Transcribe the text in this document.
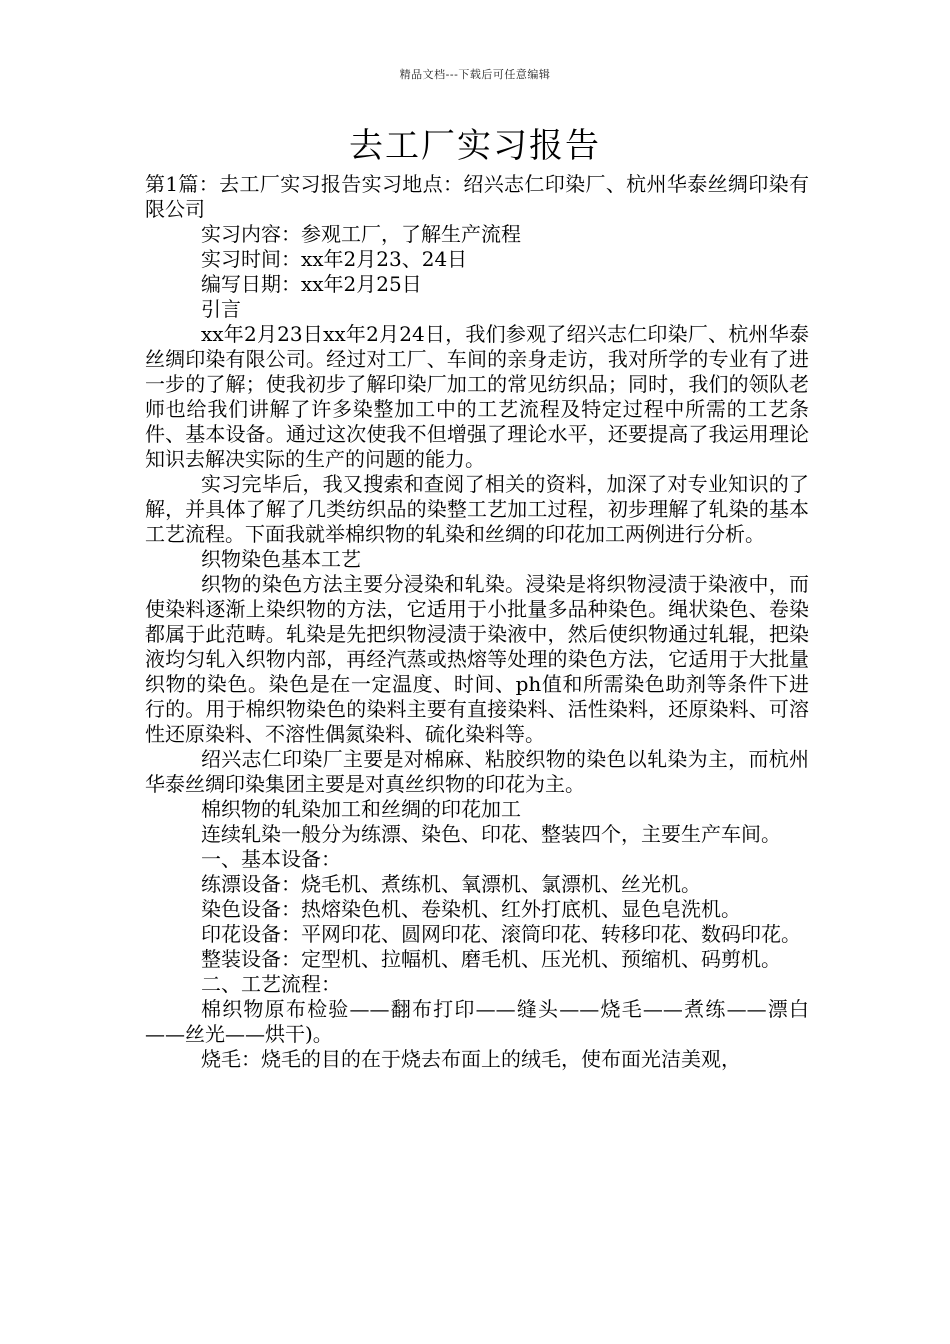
精品文档---下载后可任意编辑
去工厂实习报告

第1篇：去工厂实习报告实习地点：绍兴志仁印染厂、杭州华泰丝绸印染有限公司

实习内容：参观工厂，了解生产流程

实习时间：xx年2月23、24日

编写日期：xx年2月25日

引言

xx年2月23日xx年2月24日，我们参观了绍兴志仁印染厂、杭州华泰丝绸印染有限公司。经过对工厂、车间的亲身走访，我对所学的专业有了进一步的了解；使我初步了解印染厂加工的常见纺织品；同时，我们的领队老师也给我们讲解了许多染整加工中的工艺流程及特定过程中所需的工艺条件、基本设备。通过这次使我不但增强了理论水平，还要提高了我运用理论知识去解决实际的生产的问题的能力。

实习完毕后，我又搜索和查阅了相关的资料，加深了对专业知识的了解，并具体了解了几类纺织品的染整工艺加工过程，初步理解了轧染的基本工艺流程。下面我就举棉织物的轧染和丝绸的印花加工两例进行分析。

织物染色基本工艺

织物的染色方法主要分浸染和轧染。浸染是将织物浸渍于染液中，而使染料逐渐上染织物的方法，它适用于小批量多品种染色。绳状染色、卷染都属于此范畴。轧染是先把织物浸渍于染液中，然后使织物通过轧辊，把染液均匀轧入织物内部，再经汽蒸或热熔等处理的染色方法，它适用于大批量织物的染色。染色是在一定温度、时间、ph值和所需染色助剂等条件下进行的。用于棉织物染色的染料主要有直接染料、活性染料，还原染料、可溶性还原染料、不溶性偶氮染料、硫化染料等。

绍兴志仁印染厂主要是对棉麻、粘胶织物的染色以轧染为主，而杭州华泰丝绸印染集团主要是对真丝织物的印花为主。

棉织物的轧染加工和丝绸的印花加工

连续轧染一般分为练漂、染色、印花、整装四个，主要生产车间。

一、基本设备：

练漂设备：烧毛机、煮练机、氧漂机、氯漂机、丝光机。

染色设备：热熔染色机、卷染机、红外打底机、显色皂洗机。

印花设备：平网印花、圆网印花、滚筒印花、转移印花、数码印花。

整装设备：定型机、拉幅机、磨毛机、压光机、预缩机、码剪机。

二、工艺流程：

棉织物原布检验——翻布打印——缝头——烧毛——煮练——漂白——丝光——烘干)。

烧毛：烧毛的目的在于烧去布面上的绒毛，使布面光洁美观，
